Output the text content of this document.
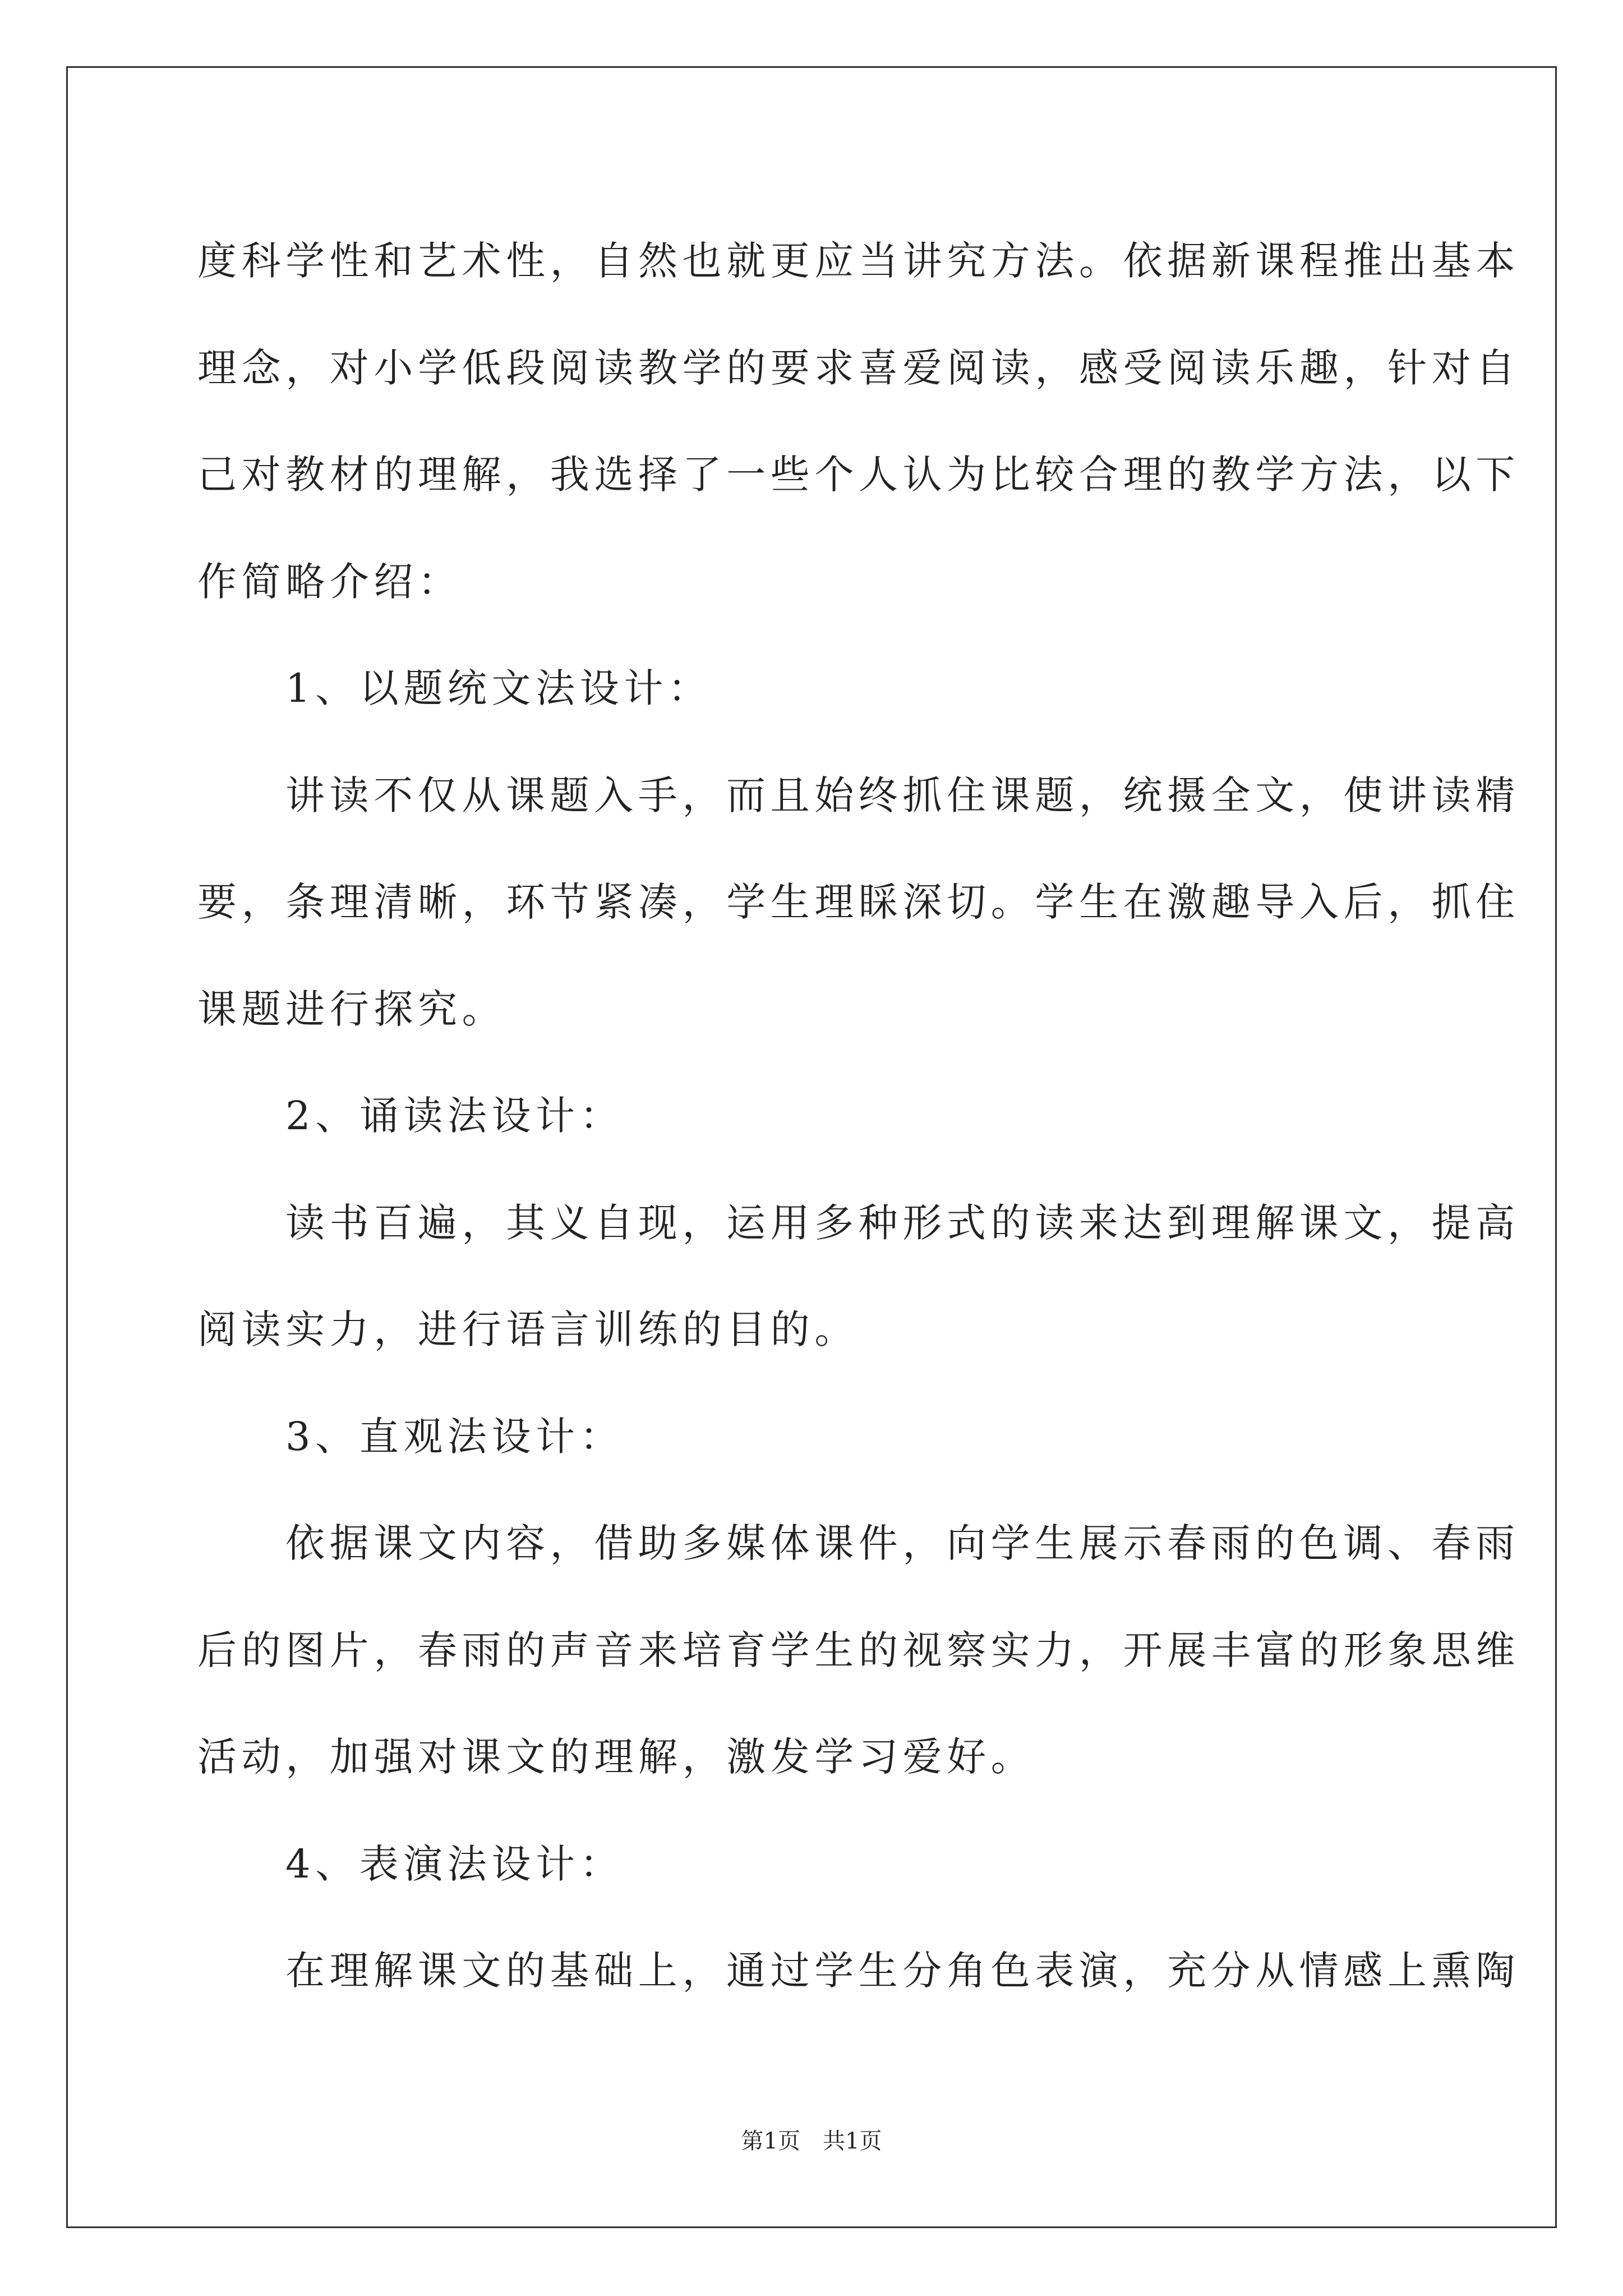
度科学性和艺术性，自然也就更应当讲究方法。依据新课程推出基本
理念，对小学低段阅读教学的要求喜爱阅读，感受阅读乐趣，针对自
己对教材的理解，我选择了一些个人认为比较合理的教学方法，以下
作简略介绍：
1、以题统文法设计：
讲读不仅从课题入手，而且始终抓住课题，统摄全文，使讲读精
要，条理清晰，环节紧凑，学生理睬深切。学生在激趣导入后，抓住
课题进行探究。
2、诵读法设计：
读书百遍，其义自现，运用多种形式的读来达到理解课文，提高
阅读实力，进行语言训练的目的。
3、直观法设计：
依据课文内容，借助多媒体课件，向学生展示春雨的色调、春雨
后的图片，春雨的声音来培育学生的视察实力，开展丰富的形象思维
活动，加强对课文的理解，激发学习爱好。
4、表演法设计：
在理解课文的基础上，通过学生分角色表演，充分从情感上熏陶
第1页　共1页
